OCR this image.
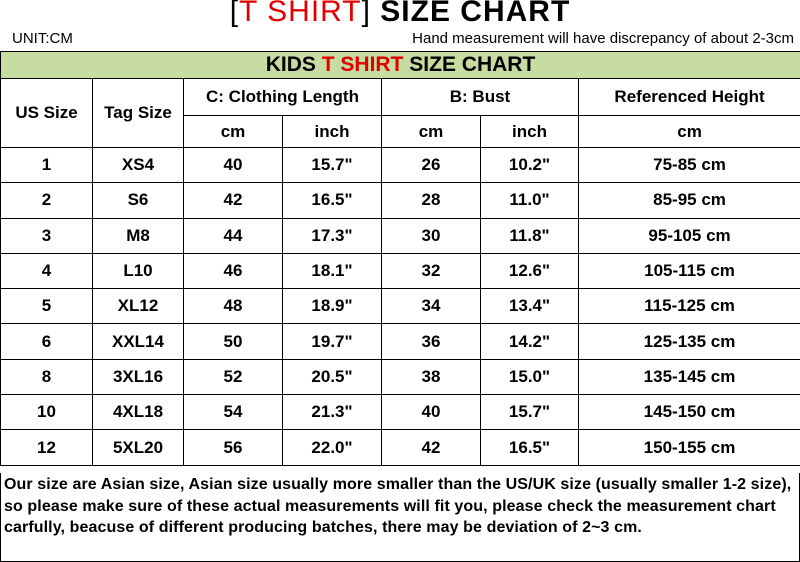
[T SHIRT] SIZE CHART
UNIT:CM	Hand measurement will have discrepancy of about 2-3cm
KIDS T SHIRT SIZE CHART						
US Size	Tag Size	C: Clothing Length		B: Bust		Referenced Height
		cm	inch	cm	inch	cm
1	XS4	40	15.7"	26	10.2"	75-85 cm
2	S6	42	16.5"	28	11.0"	85-95 cm
3	M8	44	17.3"	30	11.8"	95-105 cm
4	L10	46	18.1"	32	12.6"	105-115 cm
5	XL12	48	18.9"	34	13.4"	115-125 cm
6	XXL14	50	19.7"	36	14.2"	125-135 cm
8	3XL16	52	20.5"	38	15.0"	135-145 cm
10	4XL18	54	21.3"	40	15.7"	145-150 cm
12	5XL20	56	22.0"	42	16.5"	150-155 cm
Our size are Asian size, Asian size usually more smaller than the US/UK size (usually smaller 1-2 size), so please make sure of these actual measurements will fit you, please check the measurement chart carfully, beacuse of different producing batches, there may be deviation of 2~3 cm.
